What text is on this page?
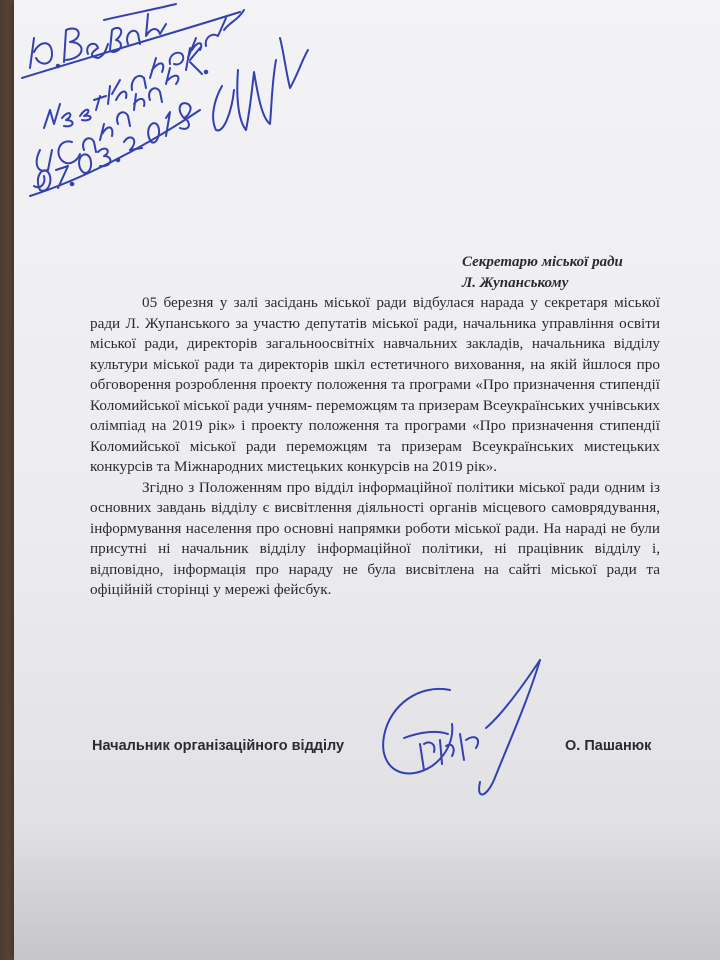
Секретарю міської ради
Л. Жупанському

05 березня у залі засідань міської ради відбулася нарада у секретаря міської ради Л. Жупанського за участю депутатів міської ради, начальника управління освіти міської ради, директорів загальноосвітніх навчальних закладів, начальника відділу культури міської ради та директорів шкіл естетичного виховання, на якій йшлося про обговорення розроблення проекту положення та програми «Про призначення стипендії Коломийської міської ради учням- переможцям та призерам Всеукраїнських учнівських олімпіад на 2019 рік» і проекту положення та програми «Про призначення стипендії Коломийської міської ради переможцям та призерам Всеукраїнських мистецьких конкурсів та Міжнародних мистецьких конкурсів на 2019 рік».

Згідно з Положенням про відділ інформаційної політики міської ради одним із основних завдань відділу є висвітлення діяльності органів місцевого самоврядування, інформування населення про основні напрямки роботи міської ради. На нараді не були присутні ні начальник відділу інформаційної політики, ні працівник відділу і, відповідно, інформація про нараду не була висвітлена на сайті міської ради та офіційній сторінці у мережі фейсбук.

Начальник організаційного відділу	О. Пашанюк
